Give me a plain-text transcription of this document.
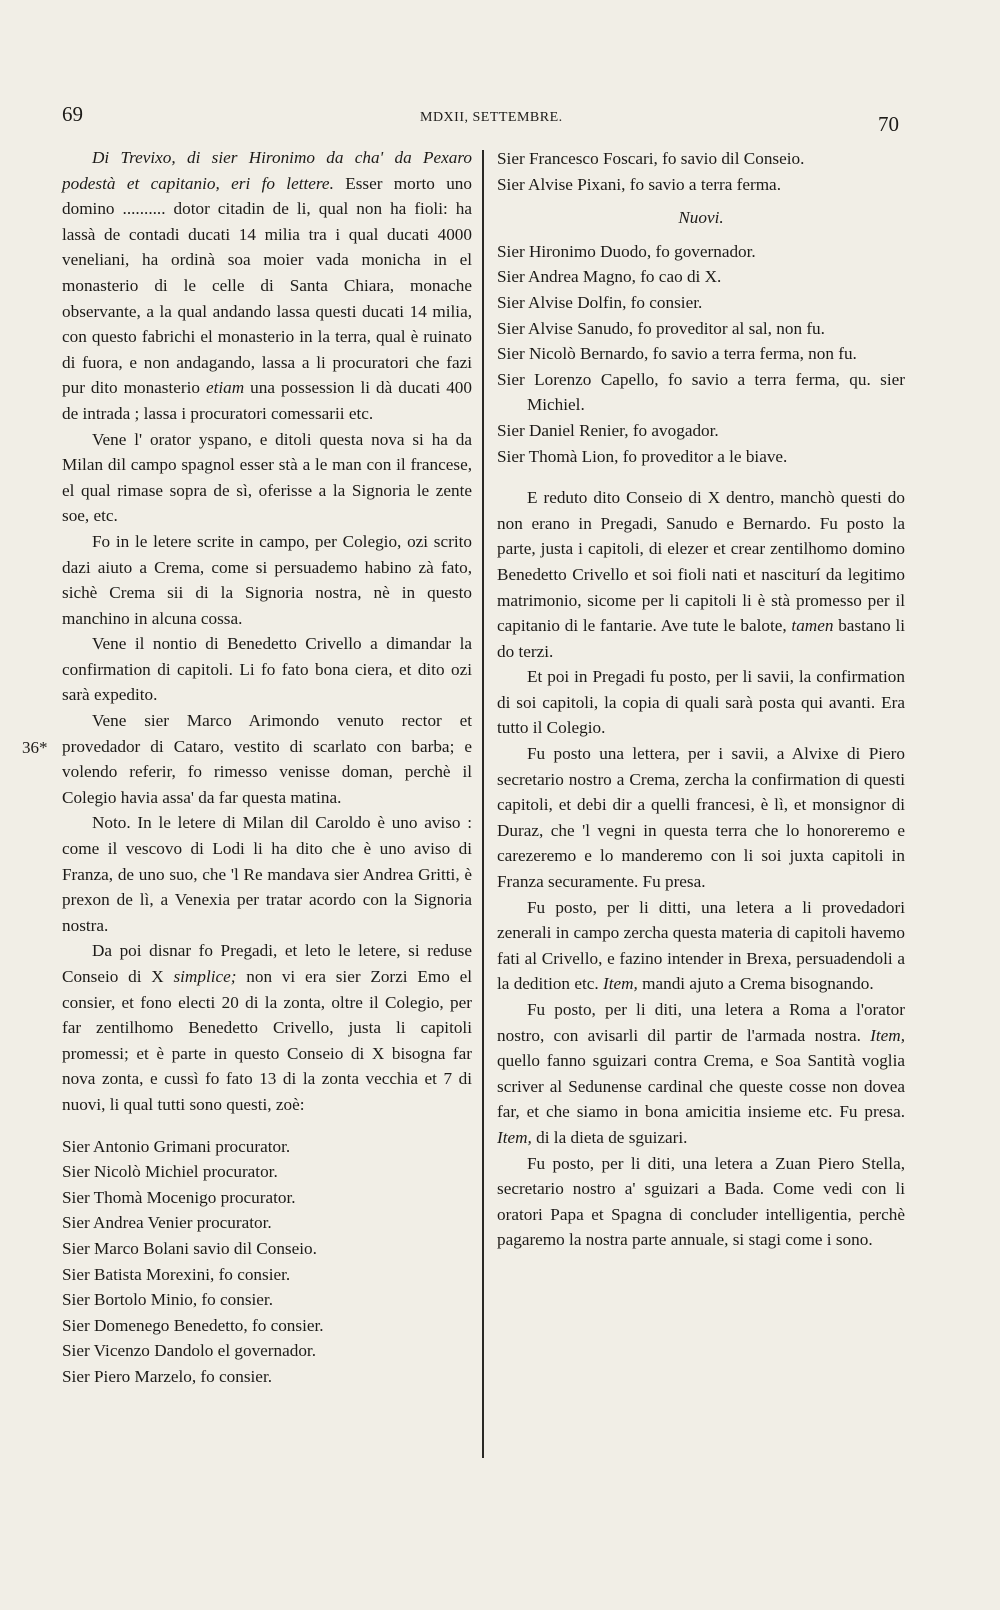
69	MDXII, SETTEMBRE.	70
36*

Di Trevixo, di sier Hironimo da cha' da Pexaro podestà et capitanio, eri fo lettere. Esser morto uno domino .......... dotor citadin de li, qual non ha fioli: ha lassà de contadi ducati 14 milia tra i qual ducati 4000 veneliani, ha ordinà soa moier vada monicha in el monasterio di le celle di Santa Chiara, monache observante, a la qual andando lassa questi ducati 14 milia, con questo fabrichi el monasterio in la terra, qual è ruinato di fuora, e non andagando, lassa a li procuratori che fazi pur dito monasterio etiam una possession li dà ducati 400 de intrada ; lassa i procuratori comessarii etc.

Vene l' orator yspano, e ditoli questa nova si ha da Milan dil campo spagnol esser stà a le man con il francese, el qual rimase sopra de sì, oferisse a la Signoria le zente soe, etc.

Fo in le letere scrite in campo, per Colegio, ozi scrito dazi aiuto a Crema, come si persuademo habino zà fato, sichè Crema sii di la Signoria nostra, nè in questo manchino in alcuna cossa.

Vene il nontio di Benedetto Crivello a dimandar la confirmation di capitoli. Li fo fato bona ciera, et dito ozi sarà expedito.

Vene sier Marco Arimondo venuto rector et provedador di Cataro, vestito di scarlato con barba; e volendo referir, fo rimesso venisse doman, perchè il Colegio havia assa' da far questa matina.

Noto. In le letere di Milan dil Caroldo è uno aviso : come il vescovo di Lodi li ha dito che è uno aviso di Franza, de uno suo, che 'l Re mandava sier Andrea Gritti, è prexon de lì, a Venexia per tratar acordo con la Signoria nostra.

Da poi disnar fo Pregadi, et leto le letere, si reduse Conseio di X simplice; non vi era sier Zorzi Emo el consier, et fono electi 20 di la zonta, oltre il Colegio, per far zentilhomo Benedetto Crivello, justa li capitoli promessi; et è parte in questo Conseio di X bisogna far nova zonta, e cussì fo fato 13 di la zonta vecchia et 7 di nuovi, li qual tutti sono questi, zoè:

Sier Antonio Grimani procurator.

Sier Nicolò Michiel procurator.

Sier Thomà Mocenigo procurator.

Sier Andrea Venier procurator.

Sier Marco Bolani savio dil Conseio.

Sier Batista Morexini, fo consier.

Sier Bortolo Minio, fo consier.

Sier Domenego Benedetto, fo consier.

Sier Vicenzo Dandolo el governador.

Sier Piero Marzelo, fo consier.

Sier Francesco Foscari, fo savio dil Conseio.

Sier Alvise Pixani, fo savio a terra ferma.

Nuovi.

Sier Hironimo Duodo, fo governador.

Sier Andrea Magno, fo cao di X.

Sier Alvise Dolfin, fo consier.

Sier Alvise Sanudo, fo proveditor al sal, non fu.

Sier Nicolò Bernardo, fo savio a terra ferma, non fu.

Sier Lorenzo Capello, fo savio a terra ferma, qu. sier Michiel.

Sier Daniel Renier, fo avogador.

Sier Thomà Lion, fo proveditor a le biave.

E reduto dito Conseio di X dentro, manchò questi do non erano in Pregadi, Sanudo e Bernardo. Fu posto la parte, justa i capitoli, di elezer et crear zentilhomo domino Benedetto Crivello et soi fioli nati et nasciturí da legitimo matrimonio, sicome per li capitoli li è stà promesso per il capitanio di le fantarie. Ave tute le balote, tamen bastano li do terzi.

Et poi in Pregadi fu posto, per li savii, la confirmation di soi capitoli, la copia di quali sarà posta qui avanti. Era tutto il Colegio.

Fu posto una lettera, per i savii, a Alvixe di Piero secretario nostro a Crema, zercha la confirmation di questi capitoli, et debi dir a quelli francesi, è lì, et monsignor di Duraz, che 'l vegni in questa terra che lo honoreremo e carezeremo e lo manderemo con li soi juxta capitoli in Franza securamente. Fu presa.

Fu posto, per li ditti, una letera a li provedadori zenerali in campo zercha questa materia di capitoli havemo fati al Crivello, e fazino intender in Brexa, persuadendoli a la dedition etc. Item, mandi ajuto a Crema bisognando.

Fu posto, per li diti, una letera a Roma a l'orator nostro, con avisarli dil partir de l'armada nostra. Item, quello fanno sguizari contra Crema, e Soa Santità voglia scriver al Sedunense cardinal che queste cosse non dovea far, et che siamo in bona amicitia insieme etc. Fu presa. Item, di la dieta de sguizari.

Fu posto, per li diti, una letera a Zuan Piero Stella, secretario nostro a' sguizari a Bada. Come vedi con li oratori Papa et Spagna di concluder intelligentia, perchè pagaremo la nostra parte annuale, si stagi come i sono.
